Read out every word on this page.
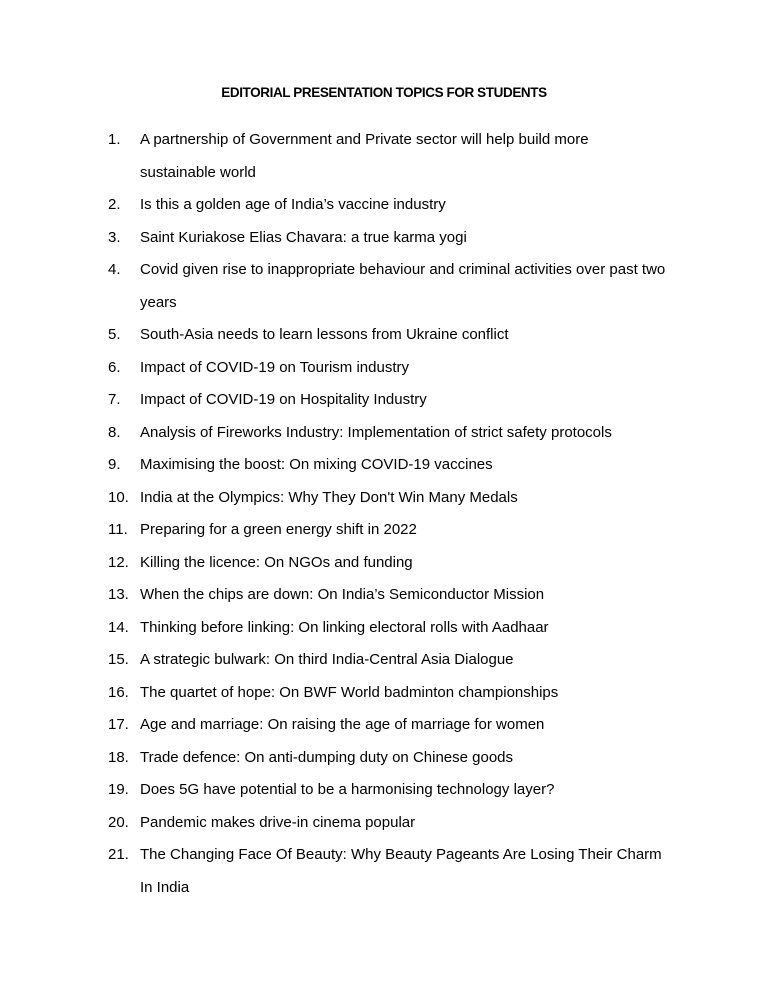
EDITORIAL PRESENTATION TOPICS FOR STUDENTS
1.	A partnership of Government and Private sector will help build more sustainable world
2.	Is this a golden age of India’s vaccine industry
3.	Saint Kuriakose Elias Chavara: a true karma yogi
4.	Covid given rise to inappropriate behaviour and criminal activities over past two years
5.	South-Asia needs to learn lessons from Ukraine conflict
6.	Impact of COVID-19 on Tourism industry
7.	Impact of COVID-19 on Hospitality Industry
8.	Analysis of Fireworks Industry: Implementation of strict safety protocols
9.	Maximising the boost: On mixing COVID-19 vaccines
10. India at the Olympics: Why They Don't Win Many Medals
11. Preparing for a green energy shift in 2022
12. Killing the licence: On NGOs and funding
13. When the chips are down: On India’s Semiconductor Mission
14. Thinking before linking: On linking electoral rolls with Aadhaar
15. A strategic bulwark: On third India-Central Asia Dialogue
16. The quartet of hope: On BWF World badminton championships
17. Age and marriage: On raising the age of marriage for women
18. Trade defence: On anti-dumping duty on Chinese goods
19. Does 5G have potential to be a harmonising technology layer?
20. Pandemic makes drive-in cinema popular
21. The Changing Face Of Beauty: Why Beauty Pageants Are Losing Their Charm In India
